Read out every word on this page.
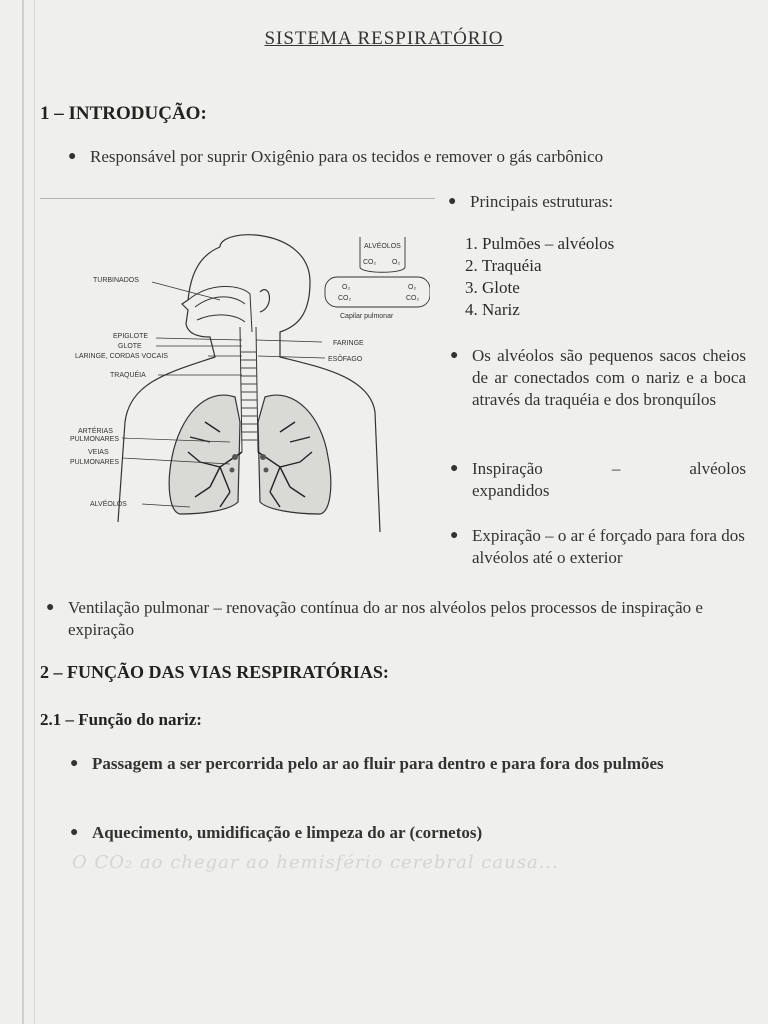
SISTEMA RESPIRATÓRIO
1 – INTRODUÇÃO:
● Responsável por suprir Oxigênio para os tecidos e remover o gás carbônico
● Principais estruturas:
1. Pulmões – alvéolos
2. Traquéia
3. Glote
4. Nariz
● Os alvéolos são pequenos sacos cheios de ar conectados com o nariz e a boca através da traquéia e dos bronquílos
● Inspiração	–	alvéolos
expandidos
● Expiração – o ar é forçado para fora dos alvéolos até o exterior
● Ventilação pulmonar – renovação contínua do ar nos alvéolos pelos processos de inspiração e expiração
2 – FUNÇÃO DAS VIAS RESPIRATÓRIAS:
2.1 – Função do nariz:
● Passagem a ser percorrida pelo ar ao fluir para dentro e para fora dos pulmões
● Aquecimento, umidificação e limpeza do ar (cornetos)
O CO₂ ao chegar ao hemisfério cerebral causa...
TURBINADOS
EPIGLOTE
GLOTE
LARINGE, CORDAS VOCAIS
TRAQUÉIA
ARTÉRIAS
PULMONARES
VEIAS
PULMONARES
ALVÉOLOS
FARINGE
ESÔFAGO
ALVÉOLOS
CO₂ O₂
O₂
CO₂
O₂
CO₂
Capilar pulmonar
